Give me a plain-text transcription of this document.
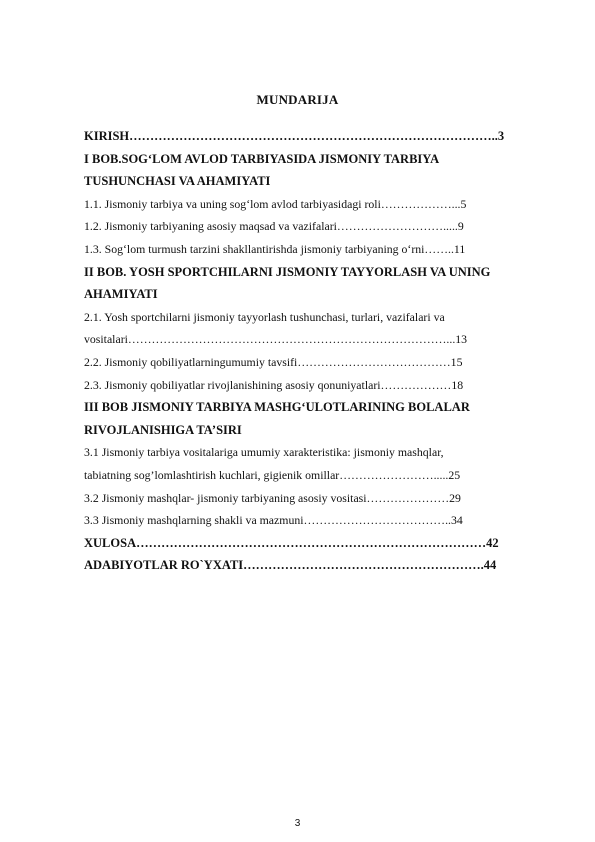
MUNDARIJA
KIRISH……………………………………………………………………………..3
I BOB.SOG‘LOM AVLOD TARBIYASIDA JISMONIY TARBIYA
TUSHUNCHASI VA AHAMIYATI
1.1. Jismoniy tarbiya va uning sog‘lom avlod tarbiyasidagi roli………………...5
1.2. Jismoniy tarbiyaning asosiy maqsad va vazifalari……………………….....9
1.3. Sog‘lom turmush tarzini shakllantirishda jismoniy tarbiyaning o‘rni……..11
II BOB. YOSH SPORTCHILARNI JISMONIY TAYYORLASH VA UNING
AHAMIYATI
2.1. Yosh sportchilarni jismoniy tayyorlash tushunchasi, turlari, vazifalari va
vositalari………………………………………………………………………...13
2.2. Jismoniy qobiliyatlarningumumiy tavsifi…………………………………15
2.3. Jismoniy qobiliyatlar rivojlanishining asosiy qonuniyatlari………………18
III BOB JISMONIY TARBIYA MASHG‘ULOTLARINING BOLALAR
RIVOJLANISHIGA TA’SIRI
3.1 Jismoniy tarbiya vositalariga umumiy xarakteristika: jismoniy mashqlar,
tabiatning sog’lomlashtirish kuchlari, gigienik omillar…………………….....25
3.2 Jismoniy mashqlar- jismoniy tarbiyaning asosiy vositasi…………………29
3.3 Jismoniy mashqlarning shakli va mazmuni………………………………..34
XULOSA…………………………………………………………………………42
ADABIYOTLAR RO`YXATI………………………………………………….44
3
